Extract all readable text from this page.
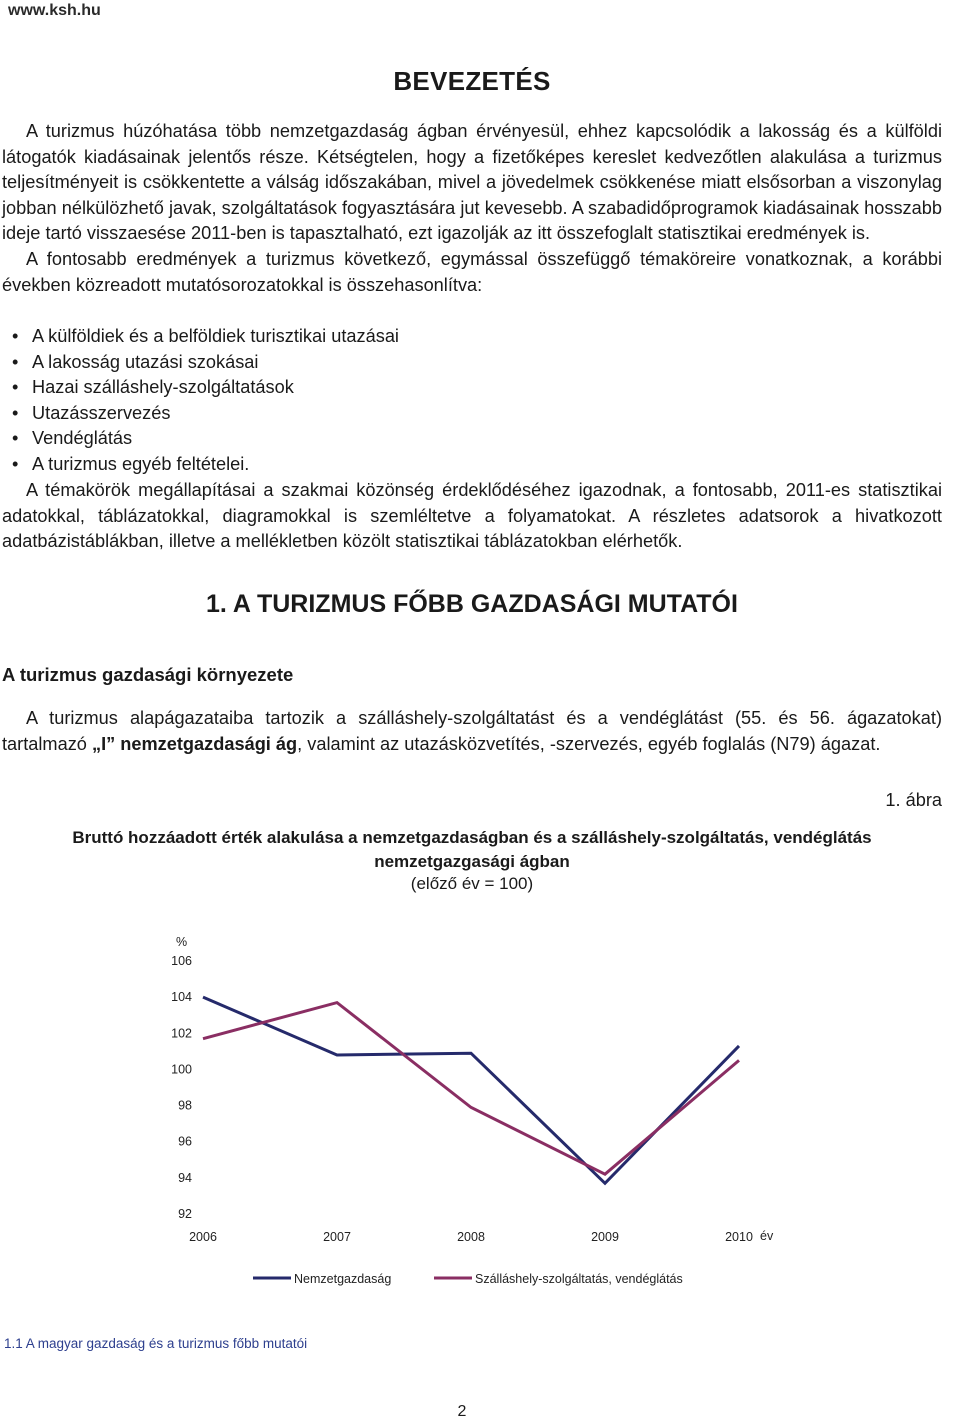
www.ksh.hu
BEVEZETÉS

A turizmus húzóhatása több nemzetgazdaság ágban érvényesül, ehhez kapcsolódik a lakosság és a külföldi látogatók kiadásainak jelentős része. Kétségtelen, hogy a fizetőképes kereslet kedvezőtlen alakulása a turizmus teljesítményeit is csökkentette a válság időszakában, mivel a jövedelmek csökkenése miatt elsősorban a viszonylag jobban nélkülözhető javak, szolgáltatások fogyasztására jut kevesebb. A szabadidőprogramok kiadásainak hosszabb ideje tartó visszaesése 2011-ben is tapasztalható, ezt igazolják az itt összefoglalt statisztikai eredmények is.

A fontosabb eredmények a turizmus következő, egymással összefüggő témaköreire vonatkoznak, a korábbi években közreadott mutatósorozatokkal is összehasonlítva:

• A külföldiek és a belföldiek turisztikai utazásai
• A lakosság utazási szokásai
• Hazai szálláshely-szolgáltatások
• Utazásszervezés
• Vendéglátás
• A turizmus egyéb feltételei.

A témakörök megállapításai a szakmai közönség érdeklődéséhez igazodnak, a fontosabb, 2011-es statisztikai adatokkal, táblázatokkal, diagramokkal is szemléltetve a folyamatokat. A részletes adatsorok a hivatkozott adatbázistáblákban, illetve a mellékletben közölt statisztikai táblázatokban elérhetők.

1. A TURIZMUS FŐBB GAZDASÁGI MUTATÓI
A turizmus gazdasági környezete

A turizmus alapágazataiba tartozik a szálláshely-szolgáltatást és a vendéglátást (55. és 56. ágazatokat) tartalmazó „I” nemzetgazdasági ág, valamint az utazásközvetítés, -szervezés, egyéb foglalás (N79) ágazat.

1. ábra
Bruttó hozzáadott érték alakulása a nemzetgazdaságban és a szálláshely-szolgáltatás, vendéglátás nemzetgazgasági ágban
(előző év = 100)
92
94
96
98
100
102
104
106
%
2006	2007	2008	2009	2010 év
Nemzetgazdaság	Szálláshely-szolgáltatás, vendéglátás
1.1 A magyar gazdaság és a turizmus főbb mutatói
2
